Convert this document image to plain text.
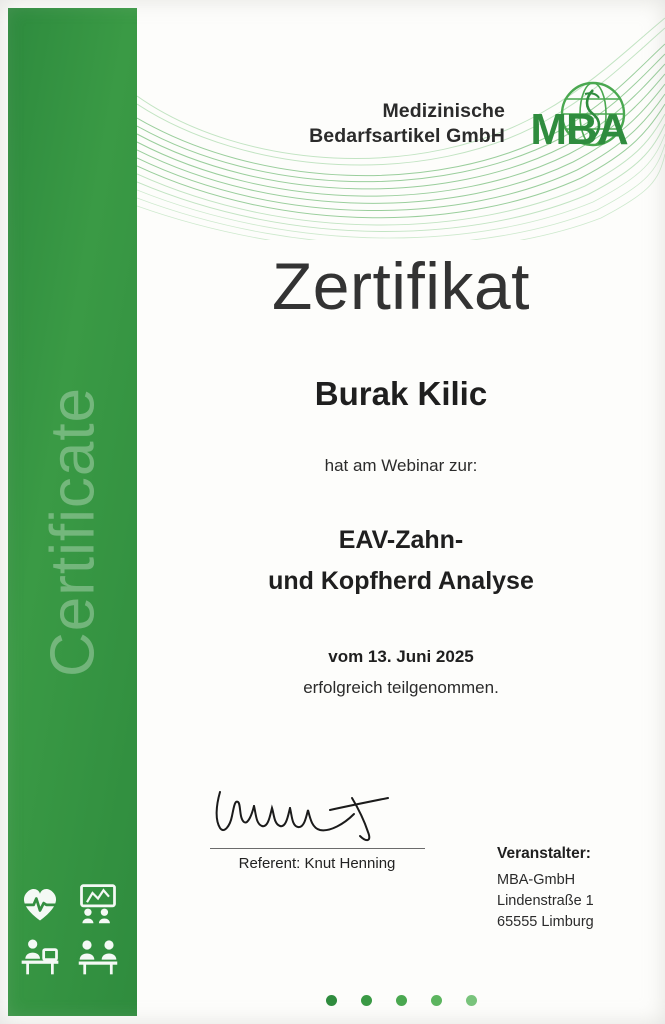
Certificate
Medizinische
Bedarfsartikel GmbH MBA
Zertifikat
Burak Kilic
hat am Webinar zur:
EAV-Zahn-
und Kopfherd Analyse
vom 13. Juni 2025
erfolgreich teilgenommen.
Referent: Knut Henning
Veranstalter:
MBA-GmbH
Lindenstraße 1
65555 Limburg
